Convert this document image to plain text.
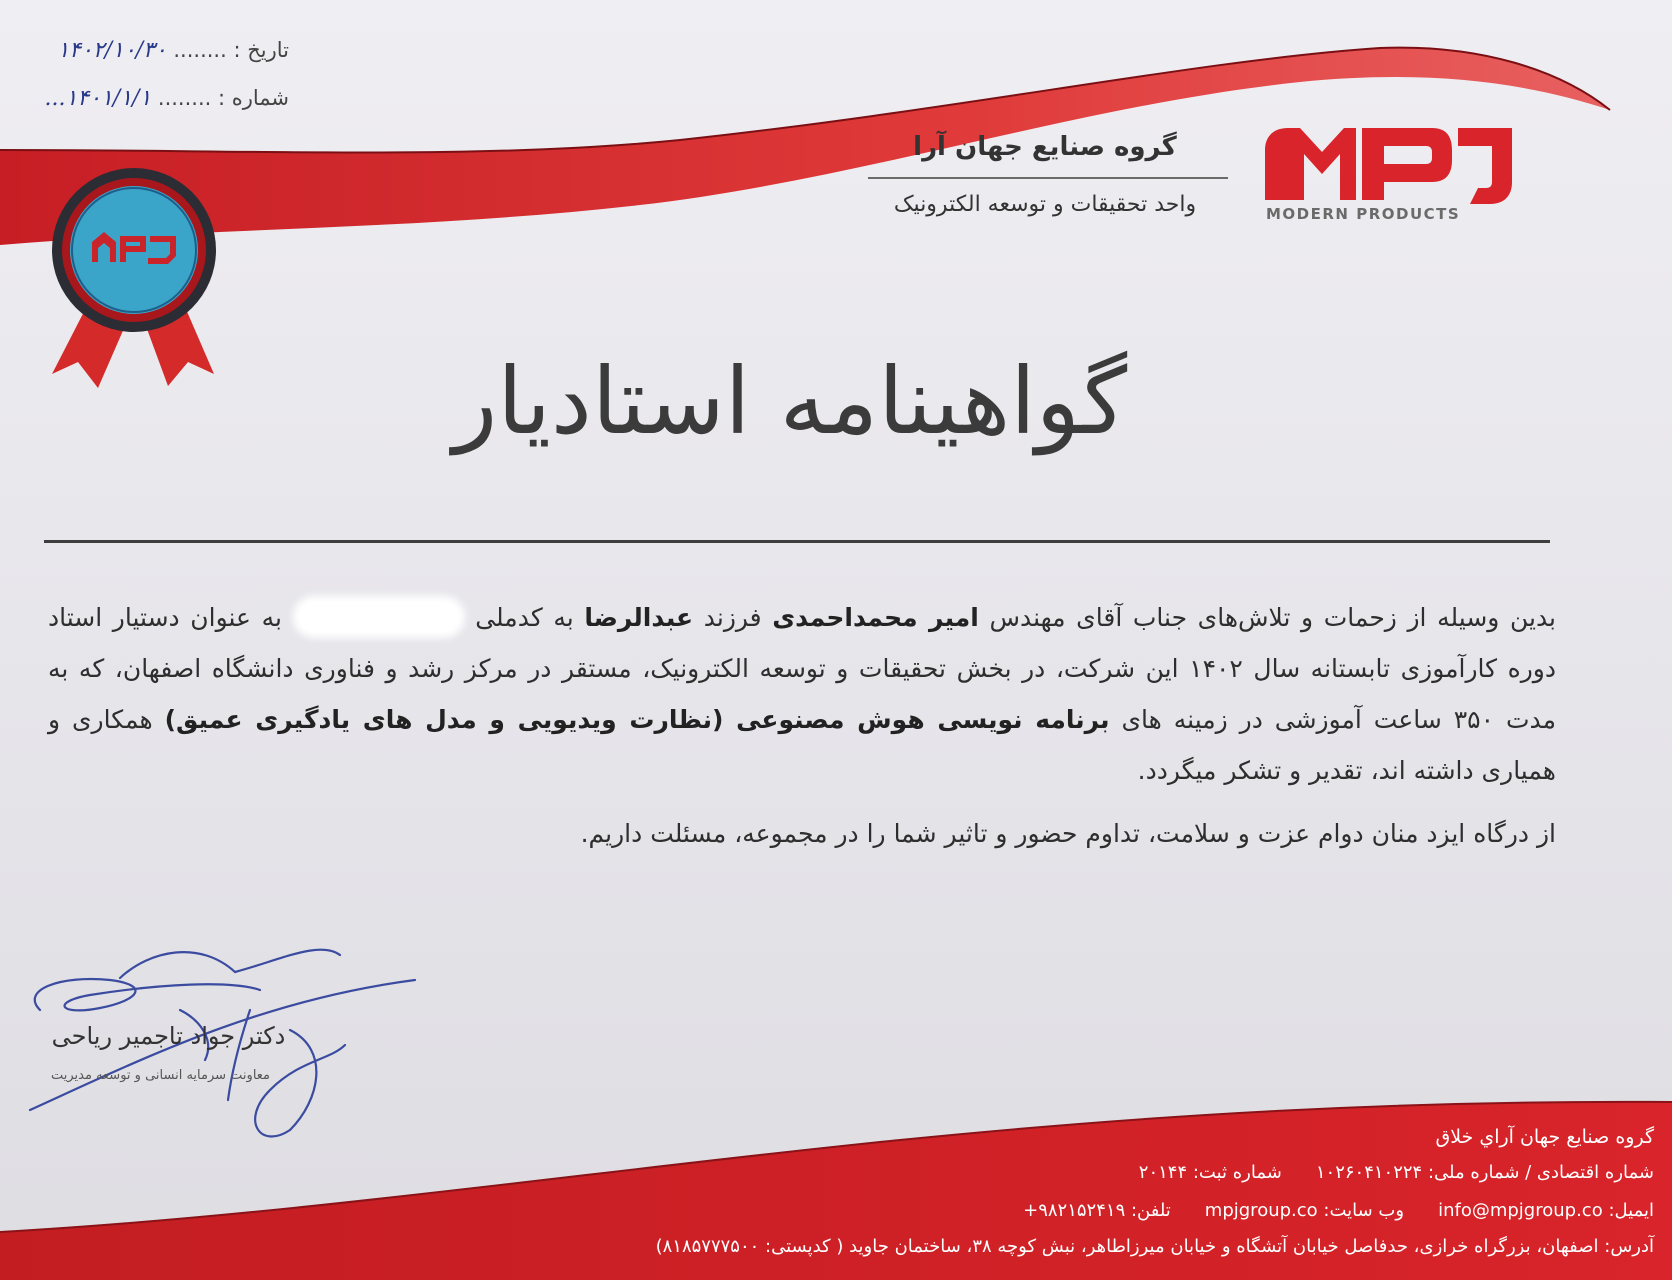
تاریخ : ........ ۱۴۰۲/۱۰/۳۰
شماره : ........ ۱۴۰۱/۱/۱...
گروه صنایع جهان آرا
واحد تحقیقات و توسعه الکترونیک	MODERN PRODUCTS
گواهینامه استادیار
بدین وسیله از زحمات و تلاش‌های جناب آقای مهندس امیر محمداحمدی فرزند عبدالرضا به کدملی  به عنوان دستیار استاد دوره کارآموزی تابستانه سال ۱۴۰۲ این شرکت، در بخش تحقیقات و توسعه الکترونیک، مستقر در مرکز رشد و فناوری دانشگاه اصفهان، که به مدت ۳۵۰ ساعت آموزشی در زمینه های برنامه نویسی هوش مصنوعی (نظارت ویدیویی و مدل های یادگیری عمیق) همکاری و همیاری داشته اند، تقدیر و تشکر میگردد.
از درگاه ایزد منان دوام عزت و سلامت، تداوم حضور و تاثیر شما را در مجموعه، مسئلت داریم.
دکتر جواد تاجمیر ریاحی
معاونت سرمایه انسانی و توسعه مدیریت
گروه صنايع جهان آراي خلاق
شماره اقتصادی / شماره ملی: ۱۰۲۶۰۴۱۰۲۲۴شماره ثبت: ۲۰۱۴۴
ایمیل: info@mpjgroup.coوب سایت: mpjgroup.coتلفن: ۹۸۲۱۵۲۴۱۹+
آدرس: اصفهان، بزرگراه خرازی، حدفاصل خیابان آتشگاه و خیابان میرزاطاهر، نبش کوچه ۳۸، ساختمان جاوید ( کدپستی: ۸۱۸۵۷۷۷۵۰۰)
